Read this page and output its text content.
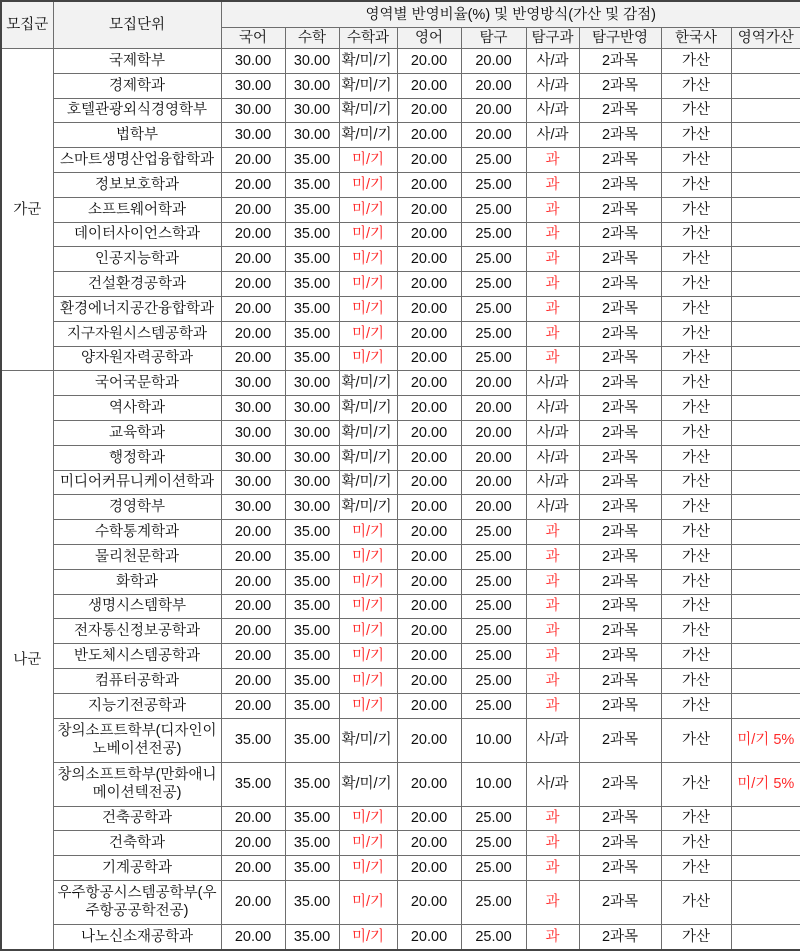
모집군	모집단위	영역별 반영비율(%) 및 반영방식(가산 및 감점)								
		국어	수학	수학과	영어	탐구	탐구과	탐구반영	한국사	영역가산
가군	국제학부	30.00	30.00	확/미/기	20.00	20.00	사/과	2과목	가산	
	경제학과	30.00	30.00	확/미/기	20.00	20.00	사/과	2과목	가산	
	호텔관광외식경영학부	30.00	30.00	확/미/기	20.00	20.00	사/과	2과목	가산	
	법학부	30.00	30.00	확/미/기	20.00	20.00	사/과	2과목	가산	
	스마트생명산업융합학과	20.00	35.00	미/기	20.00	25.00	과	2과목	가산	
	정보보호학과	20.00	35.00	미/기	20.00	25.00	과	2과목	가산	
	소프트웨어학과	20.00	35.00	미/기	20.00	25.00	과	2과목	가산	
	데이터사이언스학과	20.00	35.00	미/기	20.00	25.00	과	2과목	가산	
	인공지능학과	20.00	35.00	미/기	20.00	25.00	과	2과목	가산	
	건설환경공학과	20.00	35.00	미/기	20.00	25.00	과	2과목	가산	
	환경에너지공간융합학과	20.00	35.00	미/기	20.00	25.00	과	2과목	가산	
	지구자원시스템공학과	20.00	35.00	미/기	20.00	25.00	과	2과목	가산	
	양자원자력공학과	20.00	35.00	미/기	20.00	25.00	과	2과목	가산	
나군	국어국문학과	30.00	30.00	확/미/기	20.00	20.00	사/과	2과목	가산	
	역사학과	30.00	30.00	확/미/기	20.00	20.00	사/과	2과목	가산	
	교육학과	30.00	30.00	확/미/기	20.00	20.00	사/과	2과목	가산	
	행정학과	30.00	30.00	확/미/기	20.00	20.00	사/과	2과목	가산	
	미디어커뮤니케이션학과	30.00	30.00	확/미/기	20.00	20.00	사/과	2과목	가산	
	경영학부	30.00	30.00	확/미/기	20.00	20.00	사/과	2과목	가산	
	수학통계학과	20.00	35.00	미/기	20.00	25.00	과	2과목	가산	
	물리천문학과	20.00	35.00	미/기	20.00	25.00	과	2과목	가산	
	화학과	20.00	35.00	미/기	20.00	25.00	과	2과목	가산	
	생명시스템학부	20.00	35.00	미/기	20.00	25.00	과	2과목	가산	
	전자통신정보공학과	20.00	35.00	미/기	20.00	25.00	과	2과목	가산	
	반도체시스템공학과	20.00	35.00	미/기	20.00	25.00	과	2과목	가산	
	컴퓨터공학과	20.00	35.00	미/기	20.00	25.00	과	2과목	가산	
	지능기전공학과	20.00	35.00	미/기	20.00	25.00	과	2과목	가산	
	창의소프트학부(디자인이노베이션전공)	35.00	35.00	확/미/기	20.00	10.00	사/과	2과목	가산	미/기 5%
	창의소프트학부(만화애니메이션텍전공)	35.00	35.00	확/미/기	20.00	10.00	사/과	2과목	가산	미/기 5%
	건축공학과	20.00	35.00	미/기	20.00	25.00	과	2과목	가산	
	건축학과	20.00	35.00	미/기	20.00	25.00	과	2과목	가산	
	기계공학과	20.00	35.00	미/기	20.00	25.00	과	2과목	가산	
	우주항공시스템공학부(우주항공공학전공)	20.00	35.00	미/기	20.00	25.00	과	2과목	가산	
	나노신소재공학과	20.00	35.00	미/기	20.00	25.00	과	2과목	가산	
